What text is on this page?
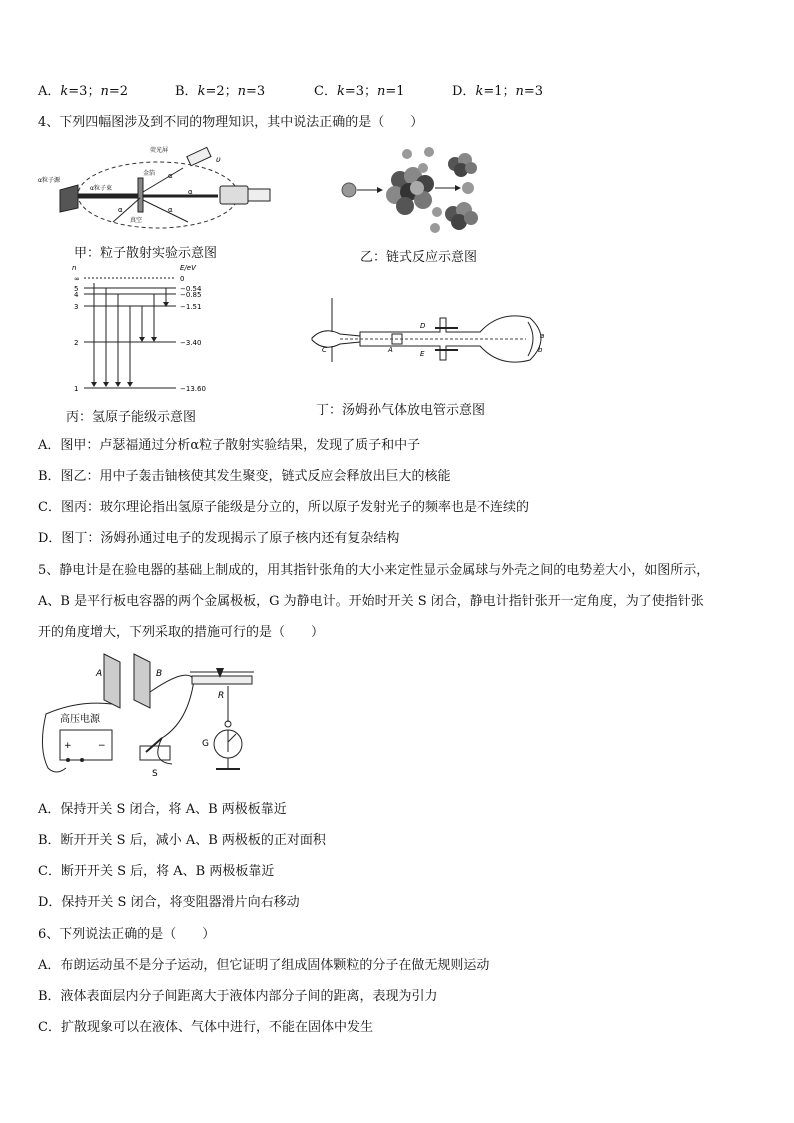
A．k=3；n=2	B．k=2；n=3	C．k=3；n=1	D．k=1；n=3
4、下列四幅图涉及到不同的物理知识，其中说法正确的是（　　）
荧光屏
α粒子源
α粒子束
金箔
真空
α
α
α
α
υ
甲：粒子散射实验示意图	乙：链式反应示意图
n	E/eV
∞	0
5	−0.54
4	−0.85
3	−1.51
2	−3.40
1	−13.60
丙：氢原子能级示意图
C	A
D
E
a
b
丁：汤姆孙气体放电管示意图
A．图甲：卢瑟福通过分析α粒子散射实验结果，发现了质子和中子
B．图乙：用中子轰击铀核使其发生聚变，链式反应会释放出巨大的核能
C．图丙：玻尔理论指出氢原子能级是分立的，所以原子发射光子的频率也是不连续的
D．图丁：汤姆孙通过电子的发现揭示了原子核内还有复杂结构
5、静电计是在验电器的基础上制成的，用其指针张角的大小来定性显示金属球与外壳之间的电势差大小，如图所示，
A、B 是平行板电容器的两个金属极板，G 为静电计。开始时开关 S 闭合，静电计指针张开一定角度，为了使指针张
开的角度增大，下列采取的措施可行的是（　　）
A	B
高压电源
+	−
S
R
G
A．保持开关 S 闭合，将 A、B 两极板靠近
B．断开开关 S 后，减小 A、B 两极板的正对面积
C．断开开关 S 后，将 A、B 两极板靠近
D．保持开关 S 闭合，将变阻器滑片向右移动
6、下列说法正确的是（　　）
A．布朗运动虽不是分子运动，但它证明了组成固体颗粒的分子在做无规则运动
B．液体表面层内分子间距离大于液体内部分子间的距离，表现为引力
C．扩散现象可以在液体、气体中进行，不能在固体中发生
